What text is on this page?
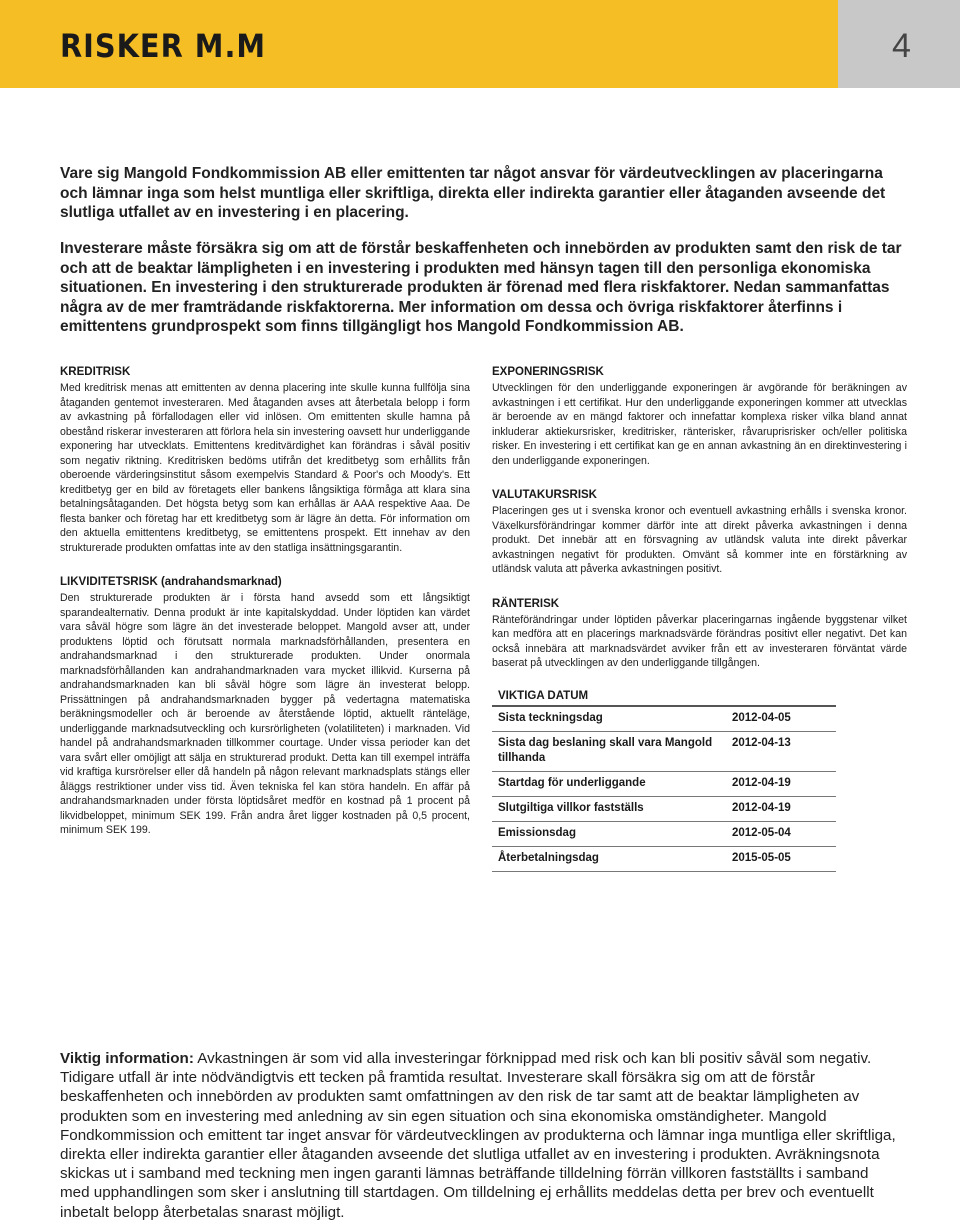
RISKER M.M	4

Vare sig Mangold Fondkommission AB eller emittenten tar något ansvar för värdeutvecklingen av placeringarna och lämnar inga som helst muntliga eller skriftliga, direkta eller indirekta garantier eller åtaganden avseende det slutliga utfallet av en investering i en placering.

Investerare måste försäkra sig om att de förstår beskaffenheten och innebörden av produkten samt den risk de tar och att de beaktar lämpligheten i en investering i produkten med hänsyn tagen till den personliga ekonomiska situationen. En investering i den strukturerade produkten är förenad med flera riskfaktorer. Nedan sammanfattas några av de mer framträdande riskfaktorerna. Mer information om dessa och övriga riskfaktorer återfinns i emittentens grundprospekt som finns tillgängligt hos Mangold Fondkommission AB.

KREDITRISK

Med kreditrisk menas att emittenten av denna placering inte skulle kunna fullfölja sina åtaganden gentemot investeraren. Med åtaganden avses att återbetala belopp i form av avkastning på förfallodagen eller vid inlösen. Om emittenten skulle hamna på obestånd riskerar investeraren att förlora hela sin investering oavsett hur underliggande exponering har utvecklats. Emittentens kreditvärdighet kan förändras i såväl positiv som negativ riktning. Kreditrisken bedöms utifrån det kreditbetyg som erhållits från oberoende värderingsinstitut såsom exempelvis Standard & Poor's och Moody's. Ett kreditbetyg ger en bild av företagets eller bankens långsiktiga förmåga att klara sina betalningsåtaganden. Det högsta betyg som kan erhållas är AAA respektive Aaa. De flesta banker och företag har ett kreditbetyg som är lägre än detta. För information om den aktuella emittentens kreditbetyg, se emittentens prospekt. Ett innehav av den strukturerade produkten omfattas inte av den statliga insättningsgarantin.

LIKVIDITETSRISK (andrahandsmarknad)

Den strukturerade produkten är i första hand avsedd som ett långsiktigt sparandealternativ. Denna produkt är inte kapitalskyddad. Under löptiden kan värdet vara såväl högre som lägre än det investerade beloppet. Mangold avser att, under produktens löptid och förutsatt normala marknadsförhållanden, presentera en andrahandsmarknad i den strukturerade produkten. Under onormala marknadsförhållanden kan andrahandmarknaden vara mycket illikvid. Kurserna på andrahandsmarknaden kan bli såväl högre som lägre än investerat belopp. Prissättningen på andrahandsmarknaden bygger på vedertagna matematiska beräkningsmodeller och är beroende av återstående löptid, aktuellt ränteläge, underliggande marknadsutveckling och kursrörligheten (volatiliteten) i marknaden. Vid handel på andrahandsmarknaden tillkommer courtage. Under vissa perioder kan det vara svårt eller omöjligt att sälja en strukturerad produkt. Detta kan till exempel inträffa vid kraftiga kursrörelser eller då handeln på någon relevant marknadsplats stängs eller åläggs restriktioner under viss tid. Även tekniska fel kan störa handeln. En affär på andrahandsmarknaden under första löptidsåret medför en kostnad på 1 procent på likvidbeloppet, minimum SEK 199. Från andra året ligger kostnaden på 0,5 procent, minimum SEK 199.

EXPONERINGSRISK

Utvecklingen för den underliggande exponeringen är avgörande för beräkningen av avkastningen i ett certifikat. Hur den underliggande exponeringen kommer att utvecklas är beroende av en mängd faktorer och innefattar komplexa risker vilka bland annat inkluderar aktiekursrisker, kreditrisker, ränterisker, råvaruprisrisker och/eller politiska risker. En investering i ett certifikat kan ge en annan avkastning än en direktinvestering i den underliggande exponeringen.

VALUTAKURSRISK

Placeringen ges ut i svenska kronor och eventuell avkastning erhålls i svenska kronor. Växelkursförändringar kommer därför inte att direkt påverka avkastningen i denna produkt. Det innebär att en försvagning av utländsk valuta inte direkt påverkar avkastningen negativt för produkten. Omvänt så kommer inte en förstärkning av utländsk valuta att påverka avkastningen positivt.

RÄNTERISK

Ränteförändringar under löptiden påverkar placeringarnas ingående byggstenar vilket kan medföra att en placerings marknadsvärde förändras positivt eller negativt. Det kan också innebära att marknadsvärdet avviker från ett av investeraren förväntat värde baserat på utvecklingen av den underliggande tillgången.

VIKTIGA DATUM	
Sista teckningsdag	2012-04-05
Sista dag beslaning skall vara Mangold tillhanda	2012-04-13
Startdag för underliggande	2012-04-19
Slutgiltiga villkor fastställs	2012-04-19
Emissionsdag	2012-05-04
Återbetalningsdag	2015-05-05

Viktig information: Avkastningen är som vid alla investeringar förknippad med risk och kan bli positiv såväl som negativ. Tidigare utfall är inte nödvändigtvis ett tecken på framtida resultat. Investerare skall försäkra sig om att de förstår beskaffenheten och innebörden av produkten samt omfattningen av den risk de tar samt att de beaktar lämpligheten av produkten som en investering med anledning av sin egen situation och sina ekonomiska omständigheter. Mangold Fondkommission och emittent tar inget ansvar för värdeutvecklingen av produkterna och lämnar inga muntliga eller skriftliga, direkta eller indirekta garantier eller åtaganden avseende det slutliga utfallet av en investering i produkten. Avräkningsnota skickas ut i samband med teckning men ingen garanti lämnas beträffande tilldelning förrän villkoren fastställts i samband med upphandlingen som sker i anslutning till startdagen. Om tilldelning ej erhållits meddelas detta per brev och eventuellt inbetalt belopp återbetalas snarast möjligt.
